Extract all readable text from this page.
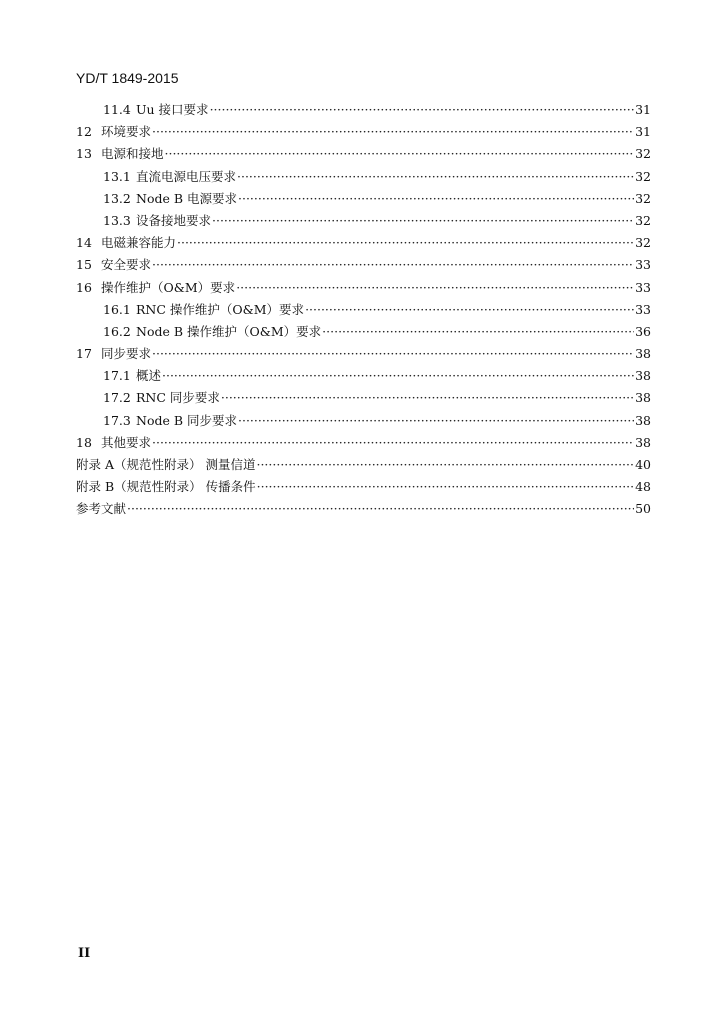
YD/T 1849-2015
11.4 Uu 接口要求 ·····	31
12 环境要求 ·····	31
13 电源和接地 ·····	32
13.1 直流电源电压要求 ·····	32
13.2 Node B 电源要求 ·····	32
13.3 设备接地要求 ·····	32
14 电磁兼容能力 ·····	32
15 安全要求 ·····	33
16 操作维护（O&M）要求 ·····	33
16.1 RNC 操作维护（O&M）要求 ·····	33
16.2 Node B 操作维护（O&M）要求 ·····	36
17 同步要求 ·····	38
17.1 概述 ·····	38
17.2 RNC 同步要求 ·····	38
17.3 Node B 同步要求 ·····	38
18 其他要求 ·····	38
附录 A（规范性附录） 测量信道 ·····	40
附录 B（规范性附录） 传播条件 ·····	48
参考文献 ·····	50
II
